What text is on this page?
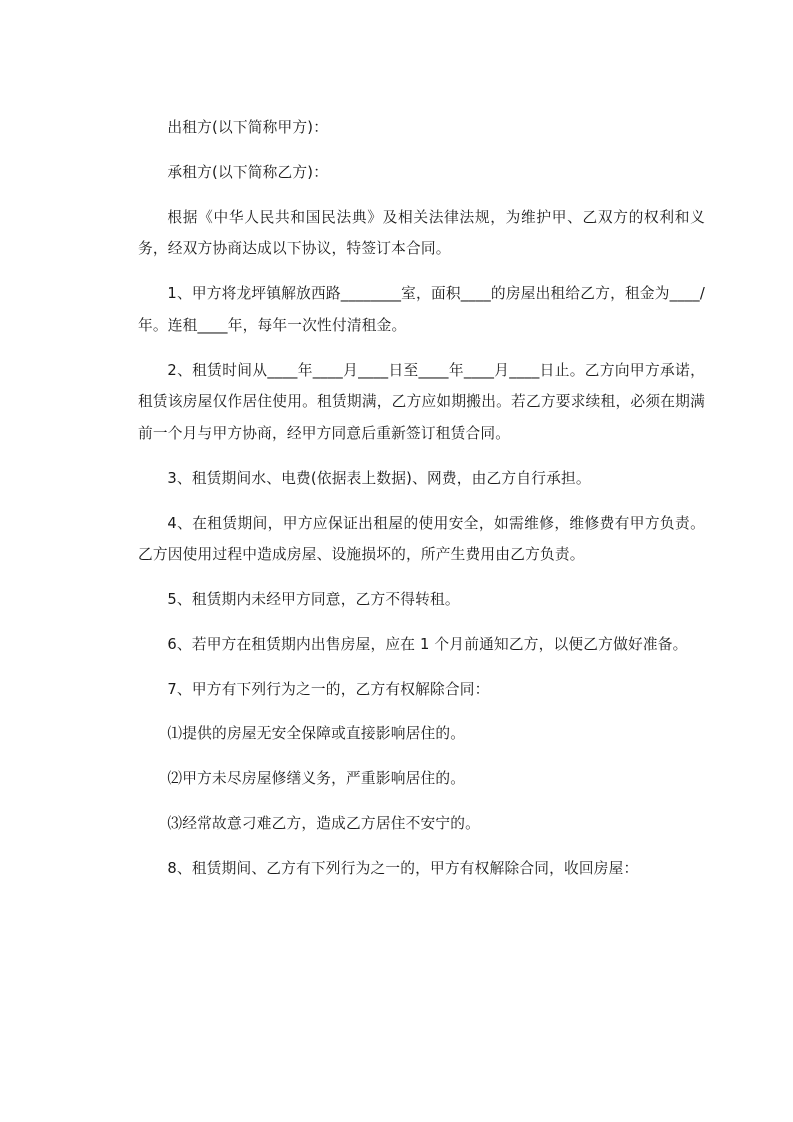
出租方(以下简称甲方)：

承租方(以下简称乙方)：

根据《中华人民共和国民法典》及相关法律法规，为维护甲、乙双方的权利和义务，经双方协商达成以下协议，特签订本合同。

1、甲方将龙坪镇解放西路________室，面积____的房屋出租给乙方，租金为____/年。连租____年，每年一次性付清租金。

2、租赁时间从____年____月____日至____年____月____日止。乙方向甲方承诺，租赁该房屋仅作居住使用。租赁期满，乙方应如期搬出。若乙方要求续租，必须在期满前一个月与甲方协商，经甲方同意后重新签订租赁合同。

3、租赁期间水、电费(依据表上数据)、网费，由乙方自行承担。

4、在租赁期间，甲方应保证出租屋的使用安全，如需维修，维修费有甲方负责。乙方因使用过程中造成房屋、设施损坏的，所产生费用由乙方负责。

5、租赁期内未经甲方同意，乙方不得转租。

6、若甲方在租赁期内出售房屋，应在 1 个月前通知乙方，以便乙方做好准备。

7、甲方有下列行为之一的，乙方有权解除合同：

⑴提供的房屋无安全保障或直接影响居住的。

⑵甲方未尽房屋修缮义务，严重影响居住的。

⑶经常故意刁难乙方，造成乙方居住不安宁的。

8、租赁期间、乙方有下列行为之一的，甲方有权解除合同，收回房屋：
